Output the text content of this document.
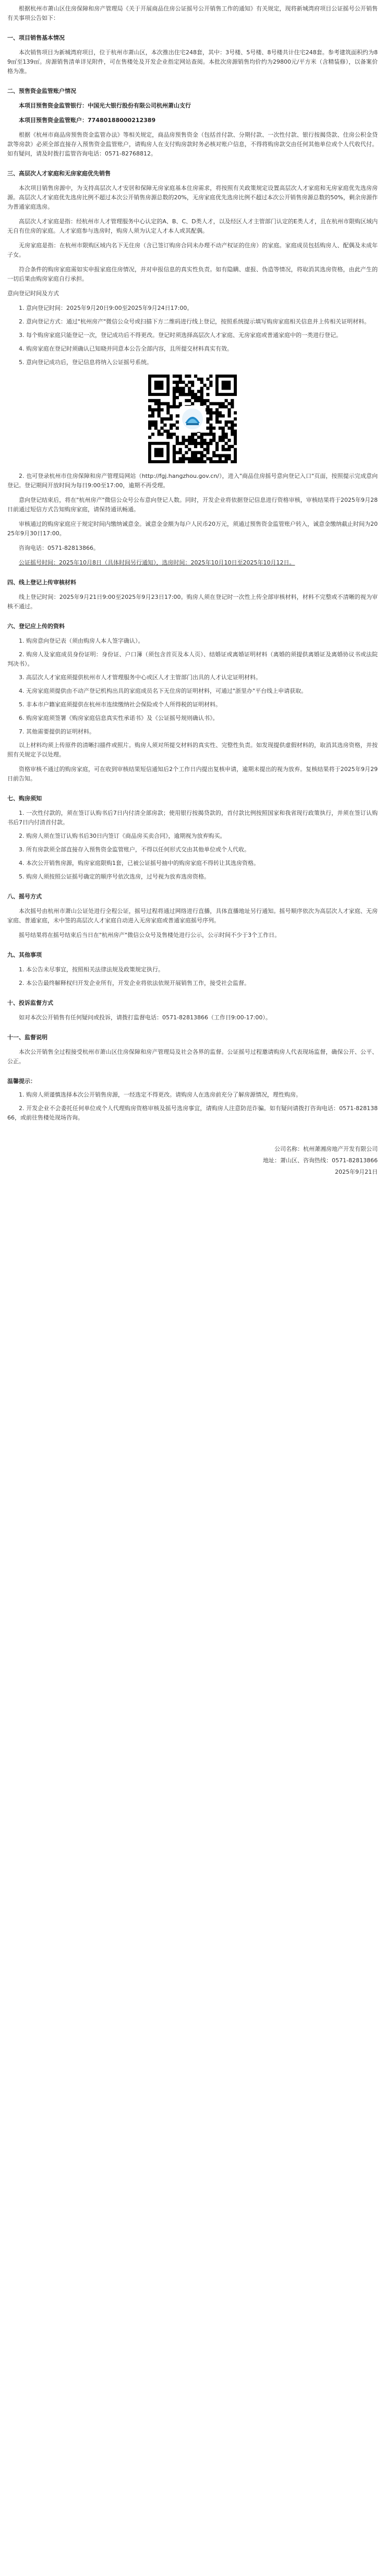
根据杭州市萧山区住房保障和房产管理局《关于开展商品住房公证摇号公开销售工作的通知》有关规定，现将新城湾府项目公证摇号公开销售有关事项公告如下：

一、项目销售基本情况

本次销售项目为新城湾府项目，位于杭州市萧山区，本次推出住宅248套，其中：3号楼、5号楼、8号楼共计住宅248套。参考建筑面积约为89㎡至139㎡。房源销售清单详见附件，可在售楼处及开发企业指定网站查阅。本批次房源销售均价约为29800元/平方米（含精装修），以备案价格为准。

二、预售资金监管账户情况

本项目预售资金监管银行：中国光大银行股份有限公司杭州萧山支行

本项目预售资金监管账户：77480188000212389

根据《杭州市商品房预售资金监管办法》等相关规定，商品房预售资金（包括首付款、分期付款、一次性付款、银行按揭贷款、住房公积金贷款等房款）必须全部直接存入预售资金监管账户，请购房人在支付购房款时务必核对账户信息，不得将购房款交由任何其他单位或个人代收代付。如有疑问，请及时拨打监管咨询电话：0571-82768812。

三、高层次人才家庭和无房家庭优先销售

本次项目销售房源中，为支持高层次人才安居和保障无房家庭基本住房需求，将按照有关政策规定设置高层次人才家庭和无房家庭优先选房房源。高层次人才家庭优先选房比例不超过本次公开销售房源总数的20%，无房家庭优先选房比例不超过本次公开销售房源总数的50%，剩余房源作为普通家庭选房。

高层次人才家庭是指：经杭州市人才管理服务中心认定的A、B、C、D类人才，以及经区人才主管部门认定的E类人才，且在杭州市限购区域内无自有住房的家庭。人才家庭参与选房时，购房人须为认定人才本人或其配偶。

无房家庭是指：在杭州市限购区域内名下无住房（含已签订购房合同未办理不动产权证的住房）的家庭。家庭成员包括购房人、配偶及未成年子女。

符合条件的购房家庭需如实申报家庭住房情况，并对申报信息的真实性负责。如有隐瞒、虚报、伪造等情况，将取消其选房资格，由此产生的一切后果由购房家庭自行承担。

意向登记时间及方式

1. 意向登记时间：2025年9月20日9:00至2025年9月24日17:00。

2. 意向登记方式：通过"杭州房产"微信公众号或扫描下方二维码进行线上登记，按照系统提示填写购房家庭相关信息并上传相关证明材料。

3. 每个购房家庭只能登记一次，登记成功后不得更改。登记时须选择高层次人才家庭、无房家庭或普通家庭中的一类进行登记。

4. 购房家庭在登记时须确认已知晓并同意本公告全部内容，且所提交材料真实有效。

5. 意向登记成功后，登记信息将纳入公证摇号系统。

2. 也可登录杭州市住房保障和房产管理局网站（http://fgj.hangzhou.gov.cn/），进入"商品住房摇号意向登记入口"页面，按照提示完成意向登记。登记期间开放时间为每日9:00至17:00，逾期不再受理。

意向登记结束后，将在"杭州房产"微信公众号公布意向登记人数。同时，开发企业将依据登记信息进行资格审核，审核结果将于2025年9月28日前通过短信方式告知购房家庭，请保持通讯畅通。

审核通过的购房家庭应于规定时间内缴纳诚意金。诚意金金额为每户人民币20万元，须通过预售资金监管账户转入，诚意金缴纳截止时间为2025年9月30日17:00。

咨询电话：0571-82813866。

公证摇号时间：2025年10月8日（具体时间另行通知），选房时间：2025年10月10日至2025年10月12日。

四、线上登记上传审核材料

线上登记时间：2025年9月21日9:00至2025年9月23日17:00。购房人须在登记时一次性上传全部审核材料，材料不完整或不清晰的视为审核不通过。

六、登记应上传的资料

1. 购房意向登记表（须由购房人本人签字确认）。

2. 购房人及家庭成员身份证明：身份证、户口簿（须包含首页及本人页）、结婚证或离婚证明材料（离婚的须提供离婚证及离婚协议书或法院判决书）。

3. 高层次人才家庭须提供杭州市人才管理服务中心或区人才主管部门出具的人才认定证明材料。

4. 无房家庭须提供由不动产登记机构出具的家庭成员名下无住房的证明材料，可通过"浙里办"平台线上申请获取。

5. 非本市户籍家庭须提供在杭州市连续缴纳社会保险或个人所得税的证明材料。

6. 购房家庭须签署《购房家庭信息真实性承诺书》及《公证摇号规则确认书》。

7. 其他需要提供的证明材料。

以上材料均须上传原件的清晰扫描件或照片。购房人须对所提交材料的真实性、完整性负责。如发现提供虚假材料的，取消其选房资格，并按照有关规定予以处理。

资格审核不通过的购房家庭，可在收到审核结果短信通知后2个工作日内提出复核申请，逾期未提出的视为放弃。复核结果将于2025年9月29日前告知。

七、购房须知

1. 一次性付款的，须在签订认购书后7日内付清全部房款；使用银行按揭贷款的，首付款比例按照国家和我省现行政策执行，并须在签订认购书后7日内付清首付款。

2. 购房人须在签订认购书后30日内签订《商品房买卖合同》，逾期视为放弃购买。

3. 所有房款须全部直接存入预售资金监管账户，不得以任何形式交由其他单位或个人代收。

4. 本次公开销售房源，购房家庭限购1套，已被公证摇号抽中的购房家庭不得转让其选房资格。

5. 购房人须按照公证摇号确定的顺序号依次选房，过号视为放弃选房资格。

八、摇号方式

本次摇号由杭州市萧山公证处进行全程公证，摇号过程将通过网络进行直播，具体直播地址另行通知。摇号顺序依次为高层次人才家庭、无房家庭、普通家庭，未中签的高层次人才家庭自动进入无房家庭或普通家庭摇号序列。

摇号结果将在摇号结束后当日在"杭州房产"微信公众号及售楼处进行公示，公示时间不少于3个工作日。

九、其他事项

1. 本公告未尽事宜，按照相关法律法规及政策规定执行。

2. 本公告最终解释权归开发企业所有，开发企业将依法依规开展销售工作，接受社会监督。

十、投诉监督方式

如对本次公开销售有任何疑问或投诉，请拨打监督电话：0571-82813866（工作日9:00-17:00）。

十一、监督说明

本次公开销售全过程接受杭州市萧山区住房保障和房产管理局及社会各界的监督。公证摇号过程邀请购房人代表现场监督，确保公开、公平、公正。

温馨提示：

1. 购房人须谨慎选择本次公开销售房源，一经选定不得更改。请购房人在选房前充分了解房源情况，理性购房。

2. 开发企业不会委托任何单位或个人代理购房资格审核及摇号选房事宜，请购房人注意防范诈骗。如有疑问请拨打咨询电话：0571-82813866，或前往售楼处现场咨询。

公司名称：杭州萧湘房地产开发有限公司

地址：萧山区、咨询热线：0571-82813866

2025年9月21日
